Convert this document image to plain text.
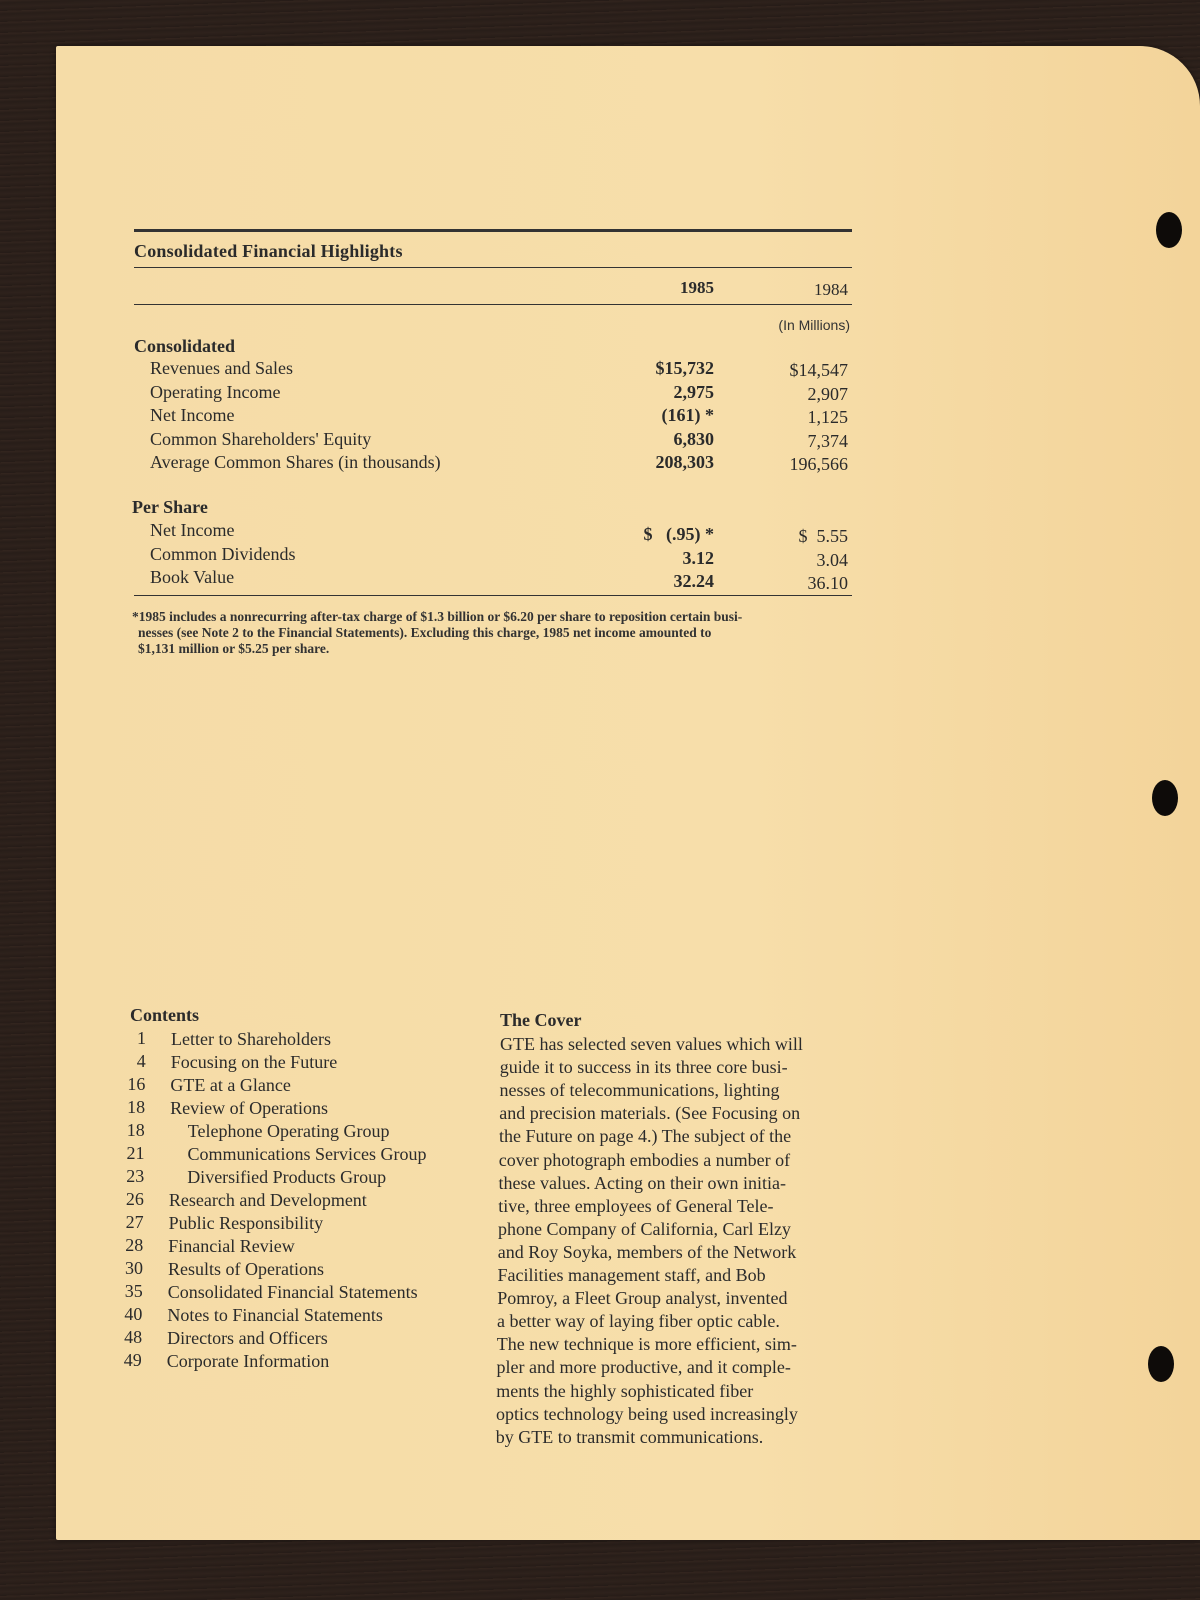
Consolidated Financial Highlights
1985	1984
(In Millions)
Consolidated
Revenues and Sales	$15,732	$14,547
Operating Income	2,975	2,907
Net Income	(161) *	1,125
Common Shareholders' Equity	6,830	7,374
Average Common Shares (in thousands)	208,303	196,566
Per Share
Net Income	$   (.95) *	$  5.55
Common Dividends	3.12	3.04
Book Value	32.24	36.10
*1985 includes a nonrecurring after-tax charge of $1.3 billion or $6.20 per share to reposition certain busi-
nesses (see Note 2 to the Financial Statements). Excluding this charge, 1985 net income amounted to
$1,131 million or $5.25 per share.
Contents
1 Letter to Shareholders
4 Focusing on the Future
16 GTE at a Glance
18 Review of Operations
18 Telephone Operating Group
21 Communications Services Group
23 Diversified Products Group
26 Research and Development
27 Public Responsibility
28 Financial Review
30 Results of Operations
35 Consolidated Financial Statements
40 Notes to Financial Statements
48 Directors and Officers
49 Corporate Information
The Cover
GTE has selected seven values which will
guide it to success in its three core busi-
nesses of telecommunications, lighting
and precision materials. (See Focusing on
the Future on page 4.) The subject of the
cover photograph embodies a number of
these values. Acting on their own initia-
tive, three employees of General Tele-
phone Company of California, Carl Elzy
and Roy Soyka, members of the Network
Facilities management staff, and Bob
Pomroy, a Fleet Group analyst, invented
a better way of laying fiber optic cable.
The new technique is more efficient, sim-
pler and more productive, and it comple-
ments the highly sophisticated fiber
optics technology being used increasingly
by GTE to transmit communications.
